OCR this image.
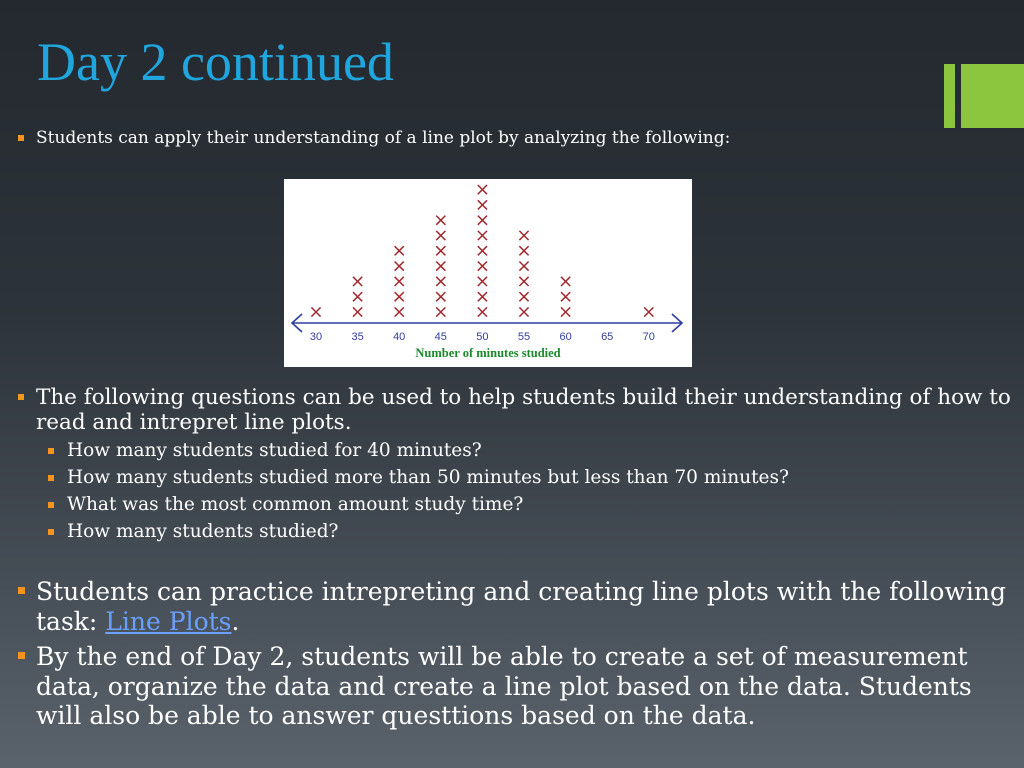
Day 2 continued
Students can apply their understanding of a line plot by analyzing the following:
30	35	40	45	50	55	60	65	70
Number of minutes studied
The following questions can be used to help students build their understanding of how to read and intrepret line plots.
How many students studied for 40 minutes?
How many students studied more than 50 minutes but less than 70 minutes?
What was the most common amount study time?
How many students studied?
Students can practice intrepreting and creating line plots with the following task: Line Plots.
By the end of Day 2, students will be able to create a set of measurement data, organize the data and create a line plot based on the data. Students will also be able to answer questtions based on the data.
